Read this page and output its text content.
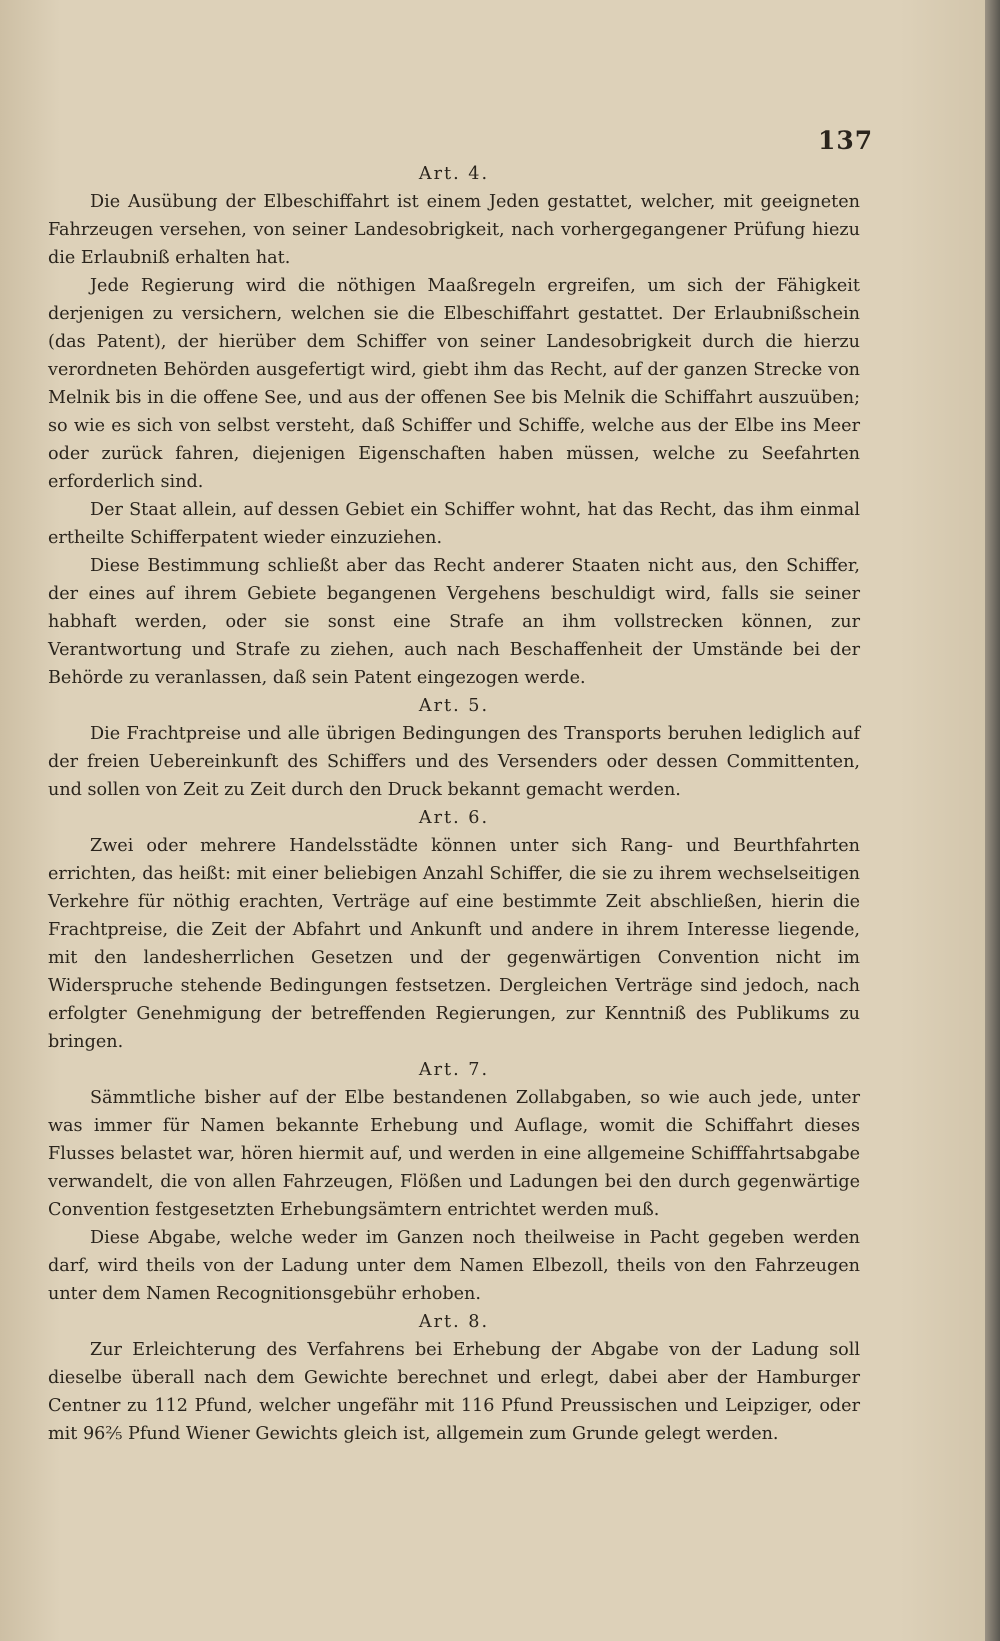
137
Art. 4.

Die Ausübung der Elbeschiffahrt ist einem Jeden gestattet, welcher, mit geeigneten Fahrzeugen versehen, von seiner Landesobrigkeit, nach vorhergegangener Prüfung hiezu die Erlaubniß erhalten hat.

Jede Regierung wird die nöthigen Maaßregeln ergreifen, um sich der Fähigkeit derjenigen zu versichern, welchen sie die Elbeschiffahrt gestattet. Der Erlaubnißschein (das Patent), der hierüber dem Schiffer von seiner Landesobrigkeit durch die hierzu verordneten Behörden ausgefertigt wird, giebt ihm das Recht, auf der ganzen Strecke von Melnik bis in die offene See, und aus der offenen See bis Melnik die Schiffahrt auszuüben; so wie es sich von selbst versteht, daß Schiffer und Schiffe, welche aus der Elbe ins Meer oder zurück fahren, diejenigen Eigenschaften haben müssen, welche zu Seefahrten erforderlich sind.

Der Staat allein, auf dessen Gebiet ein Schiffer wohnt, hat das Recht, das ihm einmal ertheilte Schifferpatent wieder einzuziehen.

Diese Bestimmung schließt aber das Recht anderer Staaten nicht aus, den Schiffer, der eines auf ihrem Gebiete begangenen Vergehens beschuldigt wird, falls sie seiner habhaft werden, oder sie sonst eine Strafe an ihm vollstrecken können, zur Verantwortung und Strafe zu ziehen, auch nach Beschaffenheit der Umstände bei der Behörde zu veranlassen, daß sein Patent eingezogen werde.

Art. 5.

Die Frachtpreise und alle übrigen Bedingungen des Transports beruhen lediglich auf der freien Uebereinkunft des Schiffers und des Versenders oder dessen Committenten, und sollen von Zeit zu Zeit durch den Druck bekannt gemacht werden.

Art. 6.

Zwei oder mehrere Handelsstädte können unter sich Rang- und Beurthfahrten errichten, das heißt: mit einer beliebigen Anzahl Schiffer, die sie zu ihrem wechselseitigen Verkehre für nöthig erachten, Verträge auf eine bestimmte Zeit abschließen, hierin die Frachtpreise, die Zeit der Abfahrt und Ankunft und andere in ihrem Interesse liegende, mit den landesherrlichen Gesetzen und der gegenwärtigen Convention nicht im Widerspruche stehende Bedingungen festsetzen. Dergleichen Verträge sind jedoch, nach erfolgter Genehmigung der betreffenden Regierungen, zur Kenntniß des Publikums zu bringen.

Art. 7.

Sämmtliche bisher auf der Elbe bestandenen Zollabgaben, so wie auch jede, unter was immer für Namen bekannte Erhebung und Auflage, womit die Schiffahrt dieses Flusses belastet war, hören hiermit auf, und werden in eine allgemeine Schifffahrtsabgabe verwandelt, die von allen Fahrzeugen, Flößen und Ladungen bei den durch gegenwärtige Convention festgesetzten Erhebungsämtern entrichtet werden muß.

Diese Abgabe, welche weder im Ganzen noch theilweise in Pacht gegeben werden darf, wird theils von der Ladung unter dem Namen Elbezoll, theils von den Fahrzeugen unter dem Namen Recognitionsgebühr erhoben.

Art. 8.

Zur Erleichterung des Verfahrens bei Erhebung der Abgabe von der Ladung soll dieselbe überall nach dem Gewichte berechnet und erlegt, dabei aber der Hamburger Centner zu 112 Pfund, welcher ungefähr mit 116 Pfund Preussischen und Leipziger, oder mit 96⅖ Pfund Wiener Gewichts gleich ist, allgemein zum Grunde gelegt werden.
